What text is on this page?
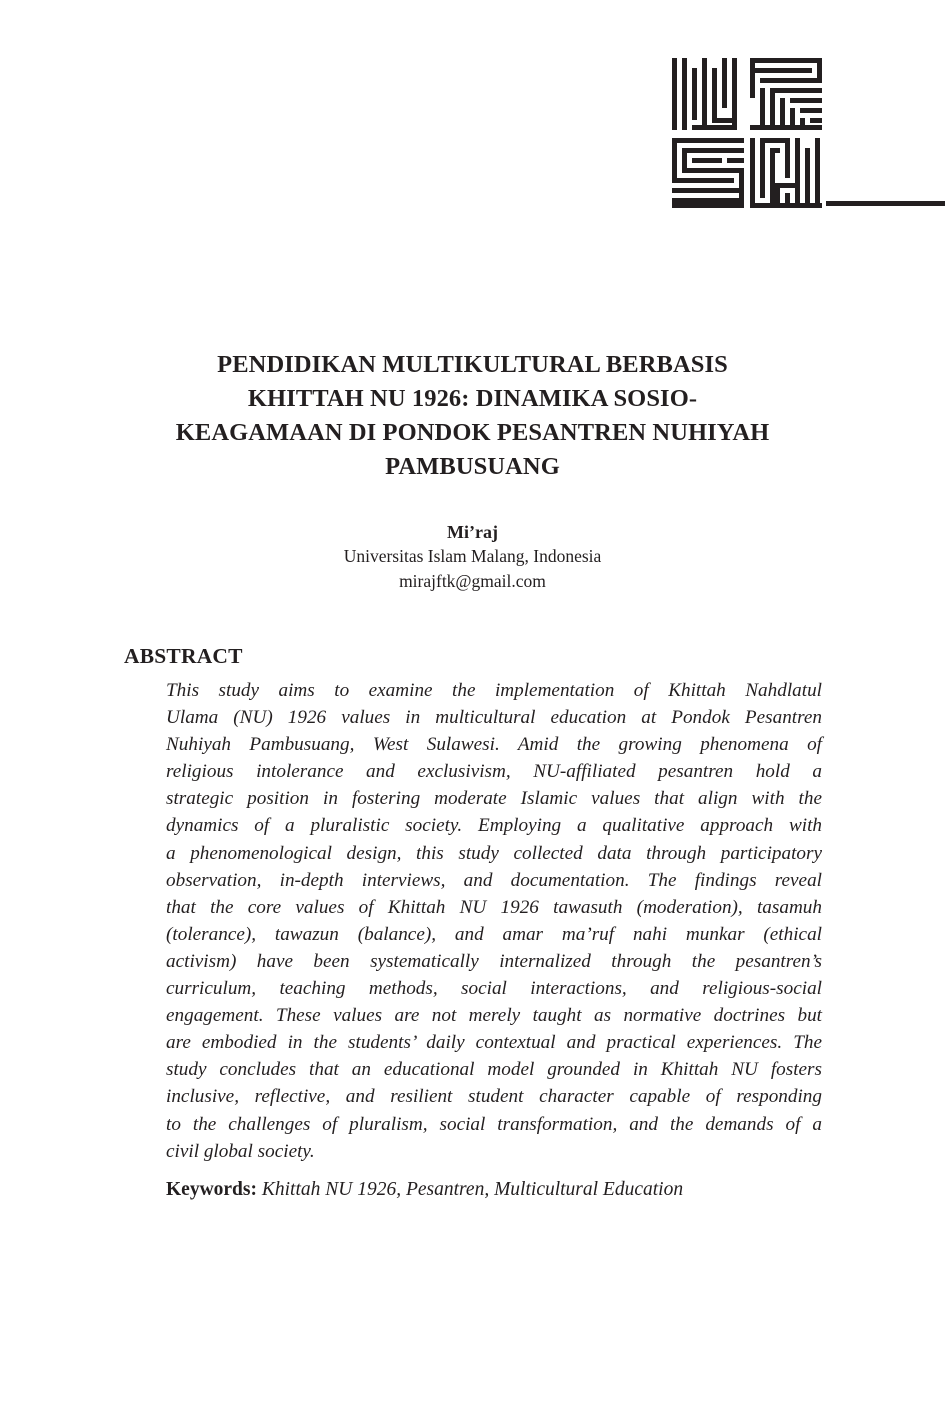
PENDIDIKAN MULTIKULTURAL BERBASIS
KHITTAH NU 1926: DINAMIKA SOSIO-
KEAGAMAAN DI PONDOK PESANTREN NUHIYAH
PAMBUSUANG
Mi’raj
Universitas Islam Malang, Indonesia
mirajftk@gmail.com
ABSTRACT
This study aims to examine the implementation of Khittah Nahdlatul
Ulama (NU) 1926 values in multicultural education at Pondok Pesantren
Nuhiyah Pambusuang, West Sulawesi. Amid the growing phenomena of
religious intolerance and exclusivism, NU-affiliated pesantren hold a
strategic position in fostering moderate Islamic values that align with the
dynamics of a pluralistic society. Employing a qualitative approach with
a phenomenological design, this study collected data through participatory
observation, in-depth interviews, and documentation. The findings reveal
that the core values of Khittah NU 1926 tawasuth (moderation), tasamuh
(tolerance), tawazun (balance), and amar ma’ruf nahi munkar (ethical
activism) have been systematically internalized through the pesantren’s
curriculum, teaching methods, social interactions, and religious-social
engagement. These values are not merely taught as normative doctrines but
are embodied in the students’ daily contextual and practical experiences. The
study concludes that an educational model grounded in Khittah NU fosters
inclusive, reflective, and resilient student character capable of responding
to the challenges of pluralism, social transformation, and the demands of a
civil global society.
Keywords: Khittah NU 1926, Pesantren, Multicultural Education
